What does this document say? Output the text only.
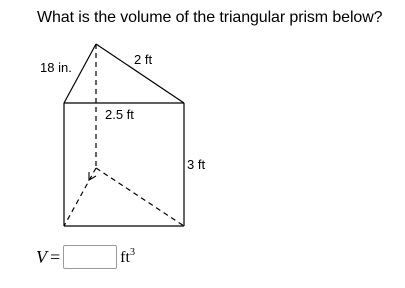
What is the volume of the triangular prism below?
18 in.
2 ft
2.5 ft
3 ft
V =	$ft^3$
